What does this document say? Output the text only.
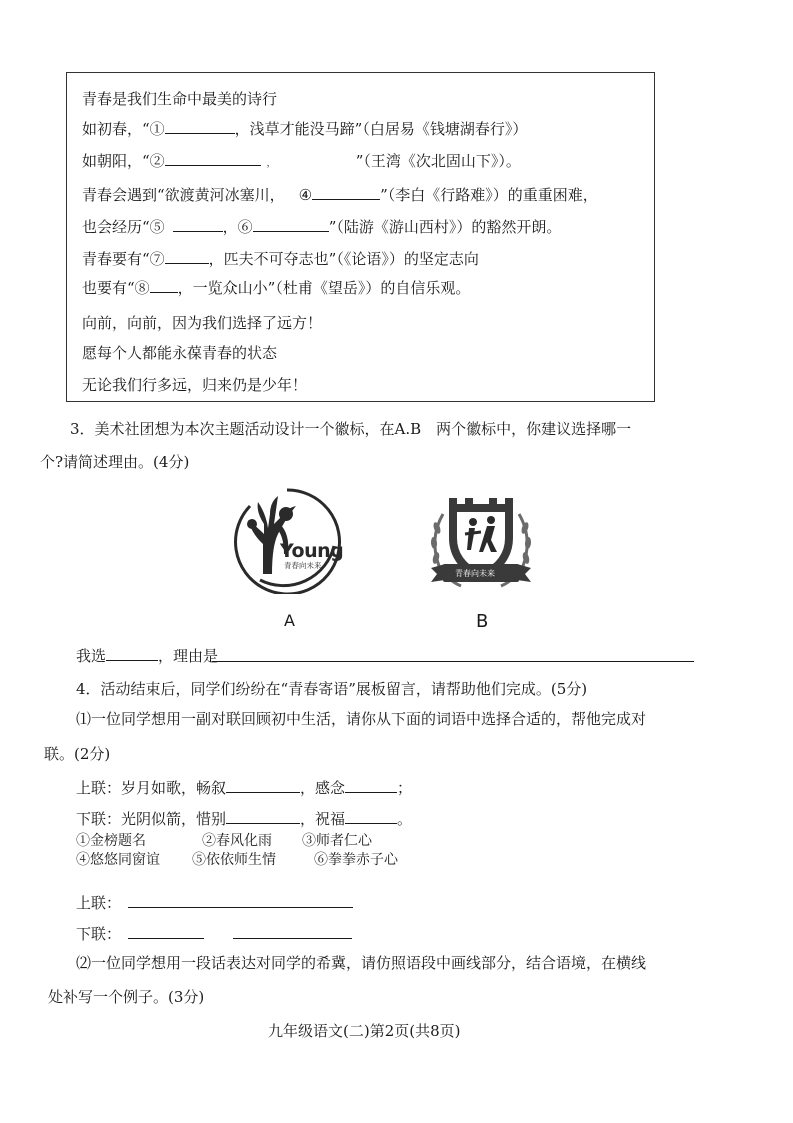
青春是我们生命中最美的诗行
如初春，“①	，浅草才能没马蹄”（白居易《钱塘湖春行》）
如朝阳，“②	，	”（王湾《次北固山下》）。
青春会遇到“欲渡黄河冰塞川， ④	”（李白《行路难》）的重重困难，
也会经历“⑤	，⑥	”（陆游《游山西村》）的豁然开朗。
青春要有“⑦	，匹夫不可夺志也”（《论语》）的坚定志向
也要有“⑧ ，一览众山小”（杜甫《望岳》）的自信乐观。
向前，向前，因为我们选择了远方！
愿每个人都能永葆青春的状态
无论我们行多远，归来仍是少年！
3．美术社团想为本次主题活动设计一个徽标，在A.B　两个徽标中，你建议选择哪一
个?请简述理由。(4分)
Young
青春向未来
青春向未来
A	B
我选	，理由是
4．活动结束后，同学们纷纷在“青春寄语”展板留言，请帮助他们完成。(5分)
⑴一位同学想用一副对联回顾初中生活，请你从下面的词语中选择合适的，帮他完成对
联。(2分)
上联：岁月如歌，畅叙	，感念	；
下联：光阴似箭，惜别	，祝福	。
①金榜题名	②春风化雨 ③师者仁心
④悠悠同窗谊 ⑤依依师生情	⑥拳拳赤子心
上联：
下联：
⑵一位同学想用一段话表达对同学的希冀，请仿照语段中画线部分，结合语境，在横线
处补写一个例子。(3分)
九年级语文(二)第2页(共8页)
